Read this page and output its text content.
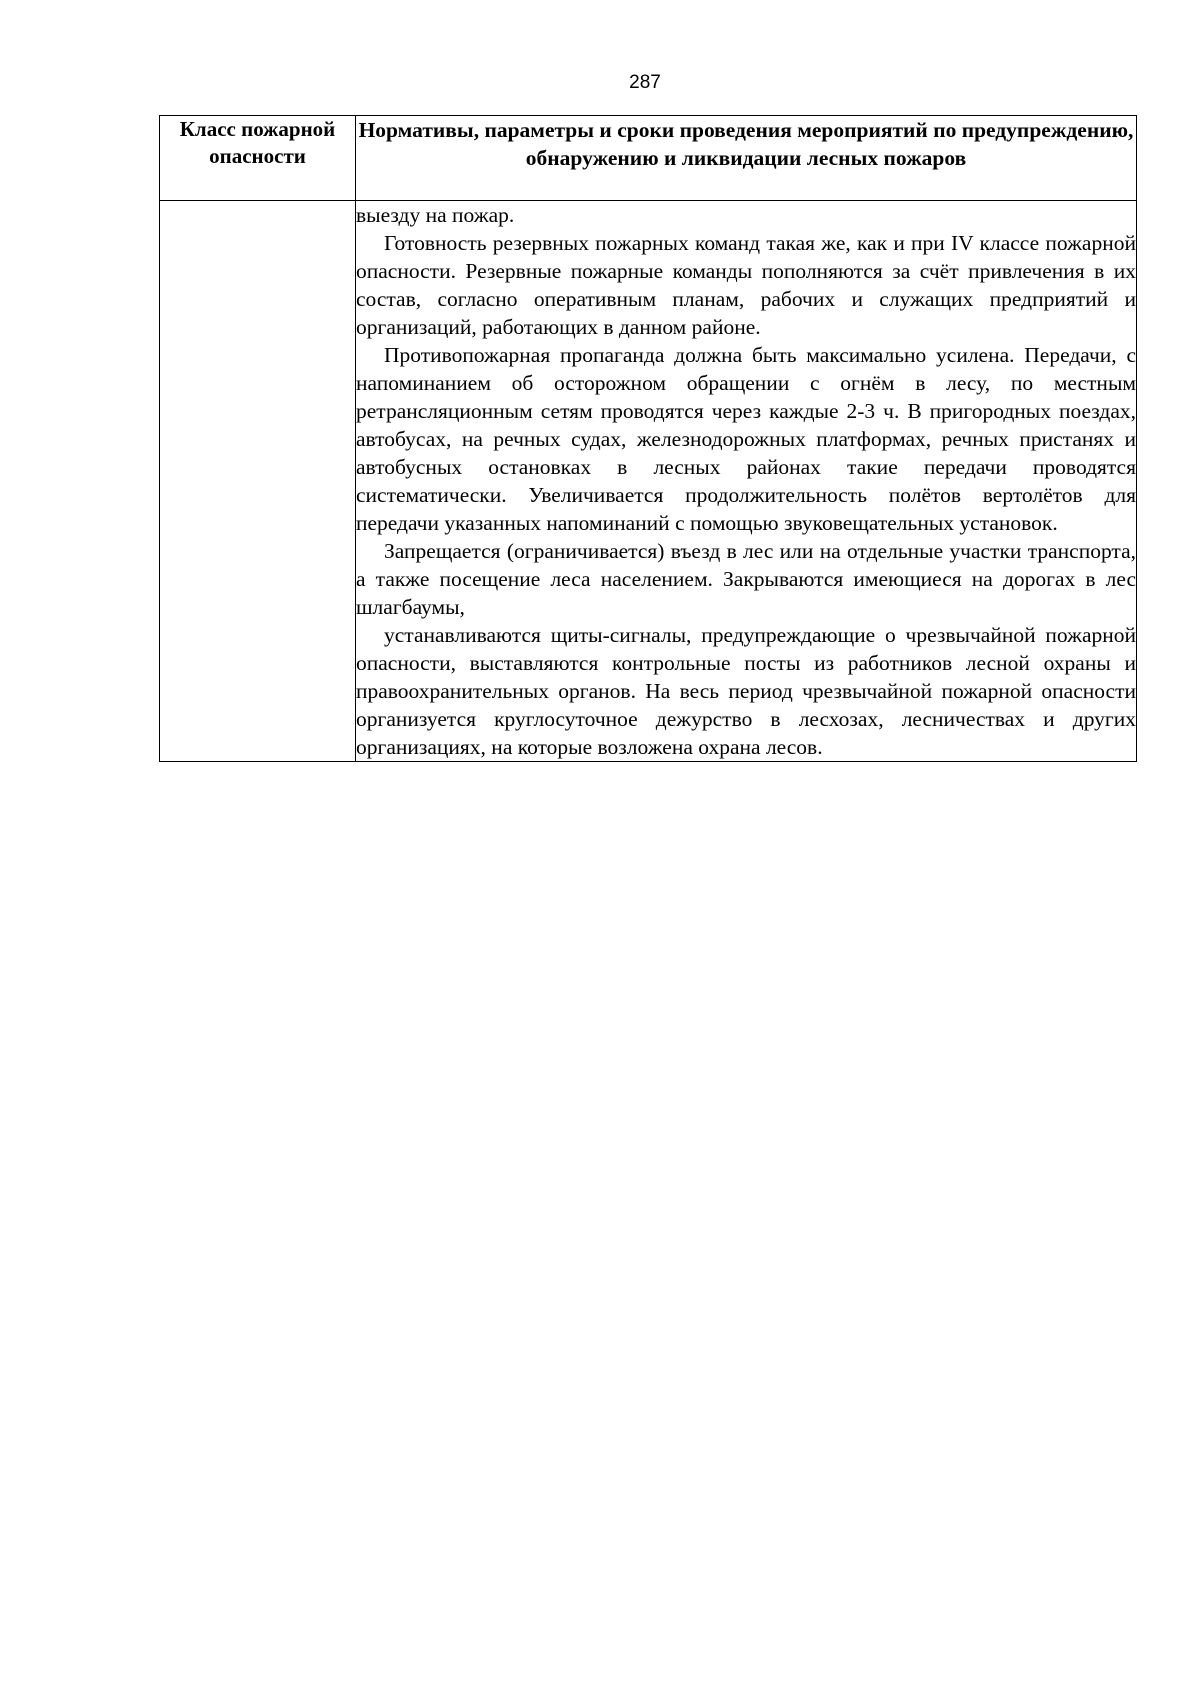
287
Класс пожарной опасности	Нормативы, параметры и сроки проведения мероприятий по предупреждению, обнаружению и ликвидации лесных пожаров

	выезду на пожар.

Готовность резервных пожарных команд такая же, как и при IV классе пожарной опасности. Резервные пожарные команды пополняются за счёт привлечения в их состав, согласно оперативным планам, рабочих и служащих предприятий и организаций, работающих в данном районе.

Противопожарная пропаганда должна быть максимально усилена. Передачи, с напоминанием об осторожном обращении с огнём в лесу, по местным ретрансляционным сетям проводятся через каждые 2-3 ч. В пригородных поездах, автобусах, на речных судах, железнодорожных платформах, речных пристанях и автобусных остановках в лесных районах такие передачи проводятся систематически. Увеличивается продолжительность полётов вертолётов для передачи указанных напоминаний с помощью звуковещательных установок.

Запрещается (ограничивается) въезд в лес или на отдельные участки транспорта, а также посещение леса населением. Закрываются имеющиеся на дорогах в лес шлагбаумы,

устанавливаются щиты-сигналы, предупреждающие о чрезвычайной пожарной опасности, выставляются контрольные посты из работников лесной охраны и правоохранительных органов. На весь период чрезвычайной пожарной опасности организуется круглосуточное дежурство в лесхозах, лесничествах и других организациях, на которые возложена охрана лесов.
